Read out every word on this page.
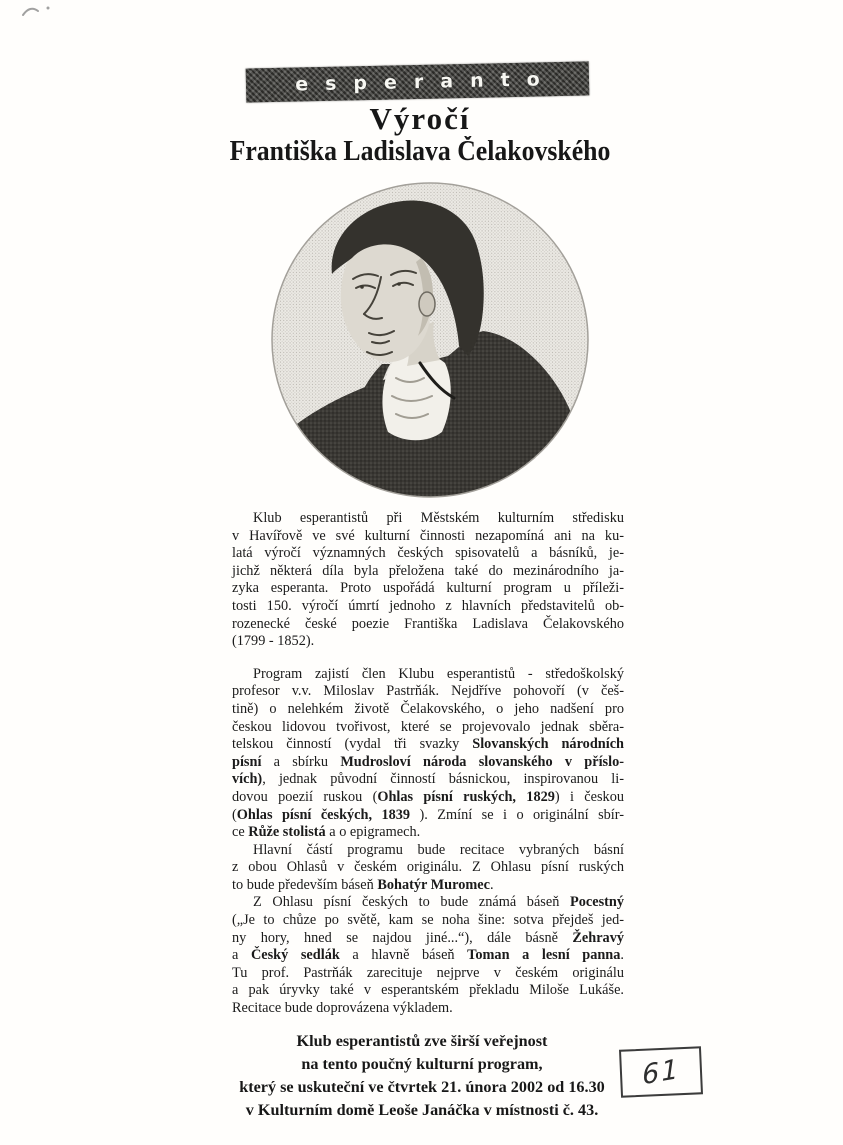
esperanto
Výročí
Františka Ladislava Čelakovského
Klub esperantistů při Městském kulturním středisku
v Havířově ve své kulturní činnosti nezapomíná ani na ku-
latá výročí významných českých spisovatelů a básníků, je-
jichž některá díla byla přeložena také do mezinárodního ja-
zyka esperanta. Proto uspořádá kulturní program u příleži-
tosti 150. výročí úmrtí jednoho z hlavních představitelů ob-
rozenecké české poezie Františka Ladislava Čelakovského
(1799 - 1852).
Program zajistí člen Klubu esperantistů - středoškolský
profesor v.v. Miloslav Pastrňák. Nejdříve pohovoří (v češ-
tině) o nelehkém životě Čelakovského, o jeho nadšení pro
českou lidovou tvořivost, které se projevovalo jednak sběra-
telskou činností (vydal tři svazky Slovanských národních
písní a sbírku Mudrosloví národa slovanského v příslo-
vích), jednak původní činností básnickou, inspirovanou li-
dovou poezií ruskou (Ohlas písní ruských, 1829) i českou
(Ohlas písní českých, 1839 ). Zmíní se i o originální sbír-
ce Růže stolistá a o epigramech.
Hlavní částí programu bude recitace vybraných básní
z obou Ohlasů v českém originálu. Z Ohlasu písní ruských
to bude především báseň Bohatýr Muromec.
Z Ohlasu písní českých to bude známá báseň Pocestný
(„Je to chůze po světě, kam se noha šine: sotva přejdeš jed-
ny hory, hned se najdou jiné...“), dále básně Žehravý
a Český sedlák a hlavně báseň Toman a lesní panna.
Tu prof. Pastrňák zarecituje nejprve v českém originálu
a pak úryvky také v esperantském překladu Miloše Lukáše.
Recitace bude doprovázena výkladem.
Klub esperantistů zve širší veřejnost
na tento poučný kulturní program,
který se uskuteční ve čtvrtek 21. února 2002 od 16.30
v Kulturním domě Leoše Janáčka v místnosti č. 43.
61
